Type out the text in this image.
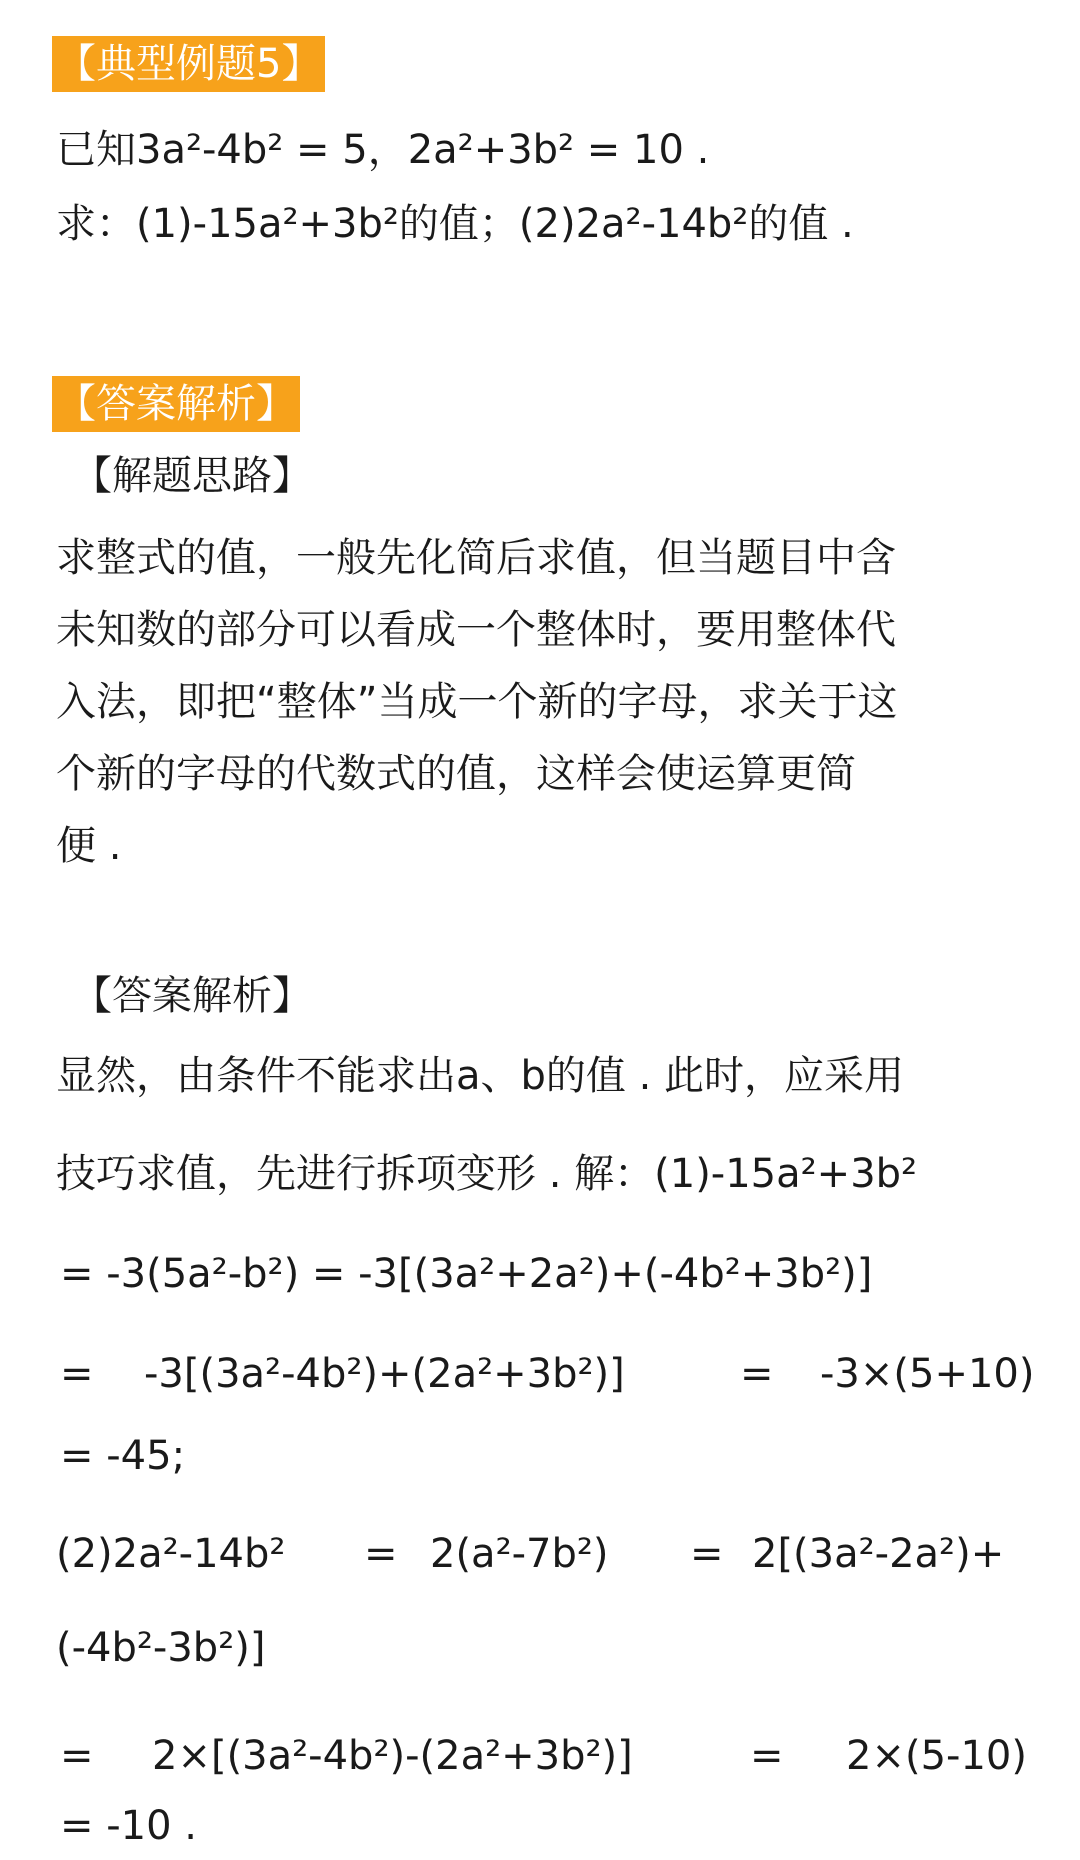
【典型例题5】
已知3a²-4b² = 5，2a²+3b² = 10 .
求：(1)-15a²+3b²的值；(2)2a²-14b²的值 .
【答案解析】
【解题思路】
求整式的值，一般先化简后求值，但当题目中含
未知数的部分可以看成一个整体时，要用整体代
入法，即把“整体”当成一个新的字母，求关于这
个新的字母的代数式的值，这样会使运算更简
便 .
【答案解析】
显然，由条件不能求出a、b的值 . 此时，应采用
技巧求值，先进行拆项变形 . 解：(1)-15a²+3b²
= -3(5a²-b²) = -3[(3a²+2a²)+(-4b²+3b²)]
= -3[(3a²-4b²)+(2a²+3b²)]	= -3×(5+10)
= -45;
(2)2a²-14b² = 2(a²-7b²) = 2[(3a²-2a²)+
(-4b²-3b²)]
= 2×[(3a²-4b²)-(2a²+3b²)]	= 2×(5-10)
= -10 .
